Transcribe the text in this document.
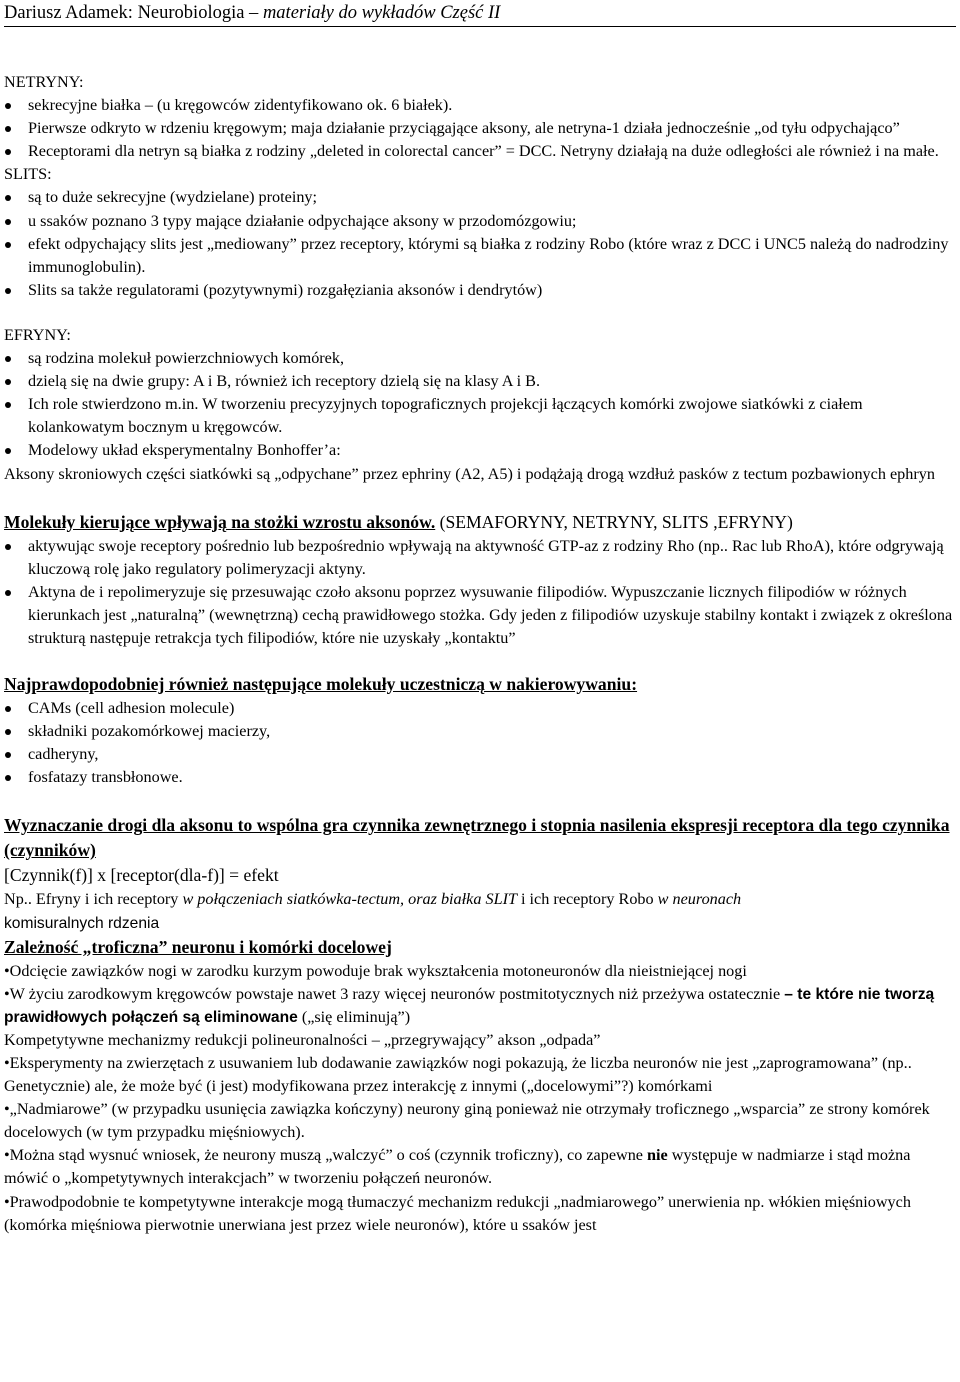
Dariusz Adamek: Neurobiologia – materiały do wykładów Część II

NETRYNY:

sekrecyjne białka – (u kręgowców zidentyfikowano ok. 6 białek).
Pierwsze odkryto w rdzeniu kręgowym; maja działanie przyciągające aksony, ale netryna-1 działa jednocześnie „od tyłu odpychająco”
Receptorami dla netryn są białka z rodziny „deleted in colorectal cancer” = DCC. Netryny działają na duże odległości ale również i na małe.

SLITS:

są to duże sekrecyjne (wydzielane) proteiny;
u ssaków poznano 3 typy mające działanie odpychające aksony w przodomózgowiu;
efekt odpychający slits jest „mediowany” przez receptory, którymi są białka z rodziny Robo (które wraz z DCC i UNC5 należą do nadrodziny immunoglobulin).
Slits sa także regulatorami (pozytywnymi) rozgałęziania aksonów i dendrytów)

EFRYNY:

są rodzina molekuł powierzchniowych komórek,
dzielą się na dwie grupy: A i B, również ich receptory dzielą się na klasy A i B.
Ich role stwierdzono m.in. W tworzeniu precyzyjnych topograficznych projekcji łączących komórki zwojowe siatkówki z ciałem kolankowatym bocznym u kręgowców.
Modelowy układ eksperymentalny Bonhoffer’a:

Aksony skroniowych części siatkówki są „odpychane” przez ephriny (A2, A5) i podążają drogą wzdłuż pasków z tectum pozbawionych ephryn

Molekuły kierujące wpływają na stożki wzrostu aksonów. (SEMAFORYNY, NETRYNY, SLITS ,EFRYNY)

aktywując swoje receptory pośrednio lub bezpośrednio wpływają na aktywność GTP-az z rodziny Rho (np.. Rac lub RhoA), które odgrywają kluczową rolę jako regulatory polimeryzacji aktyny.
Aktyna de i repolimeryzuje się przesuwając czoło aksonu poprzez wysuwanie filipodiów. Wypuszczanie licznych filipodiów w różnych kierunkach jest „naturalną” (wewnętrzną) cechą prawidłowego stożka. Gdy jeden z filipodiów uzyskuje stabilny kontakt i związek z określona strukturą następuje retrakcja tych filipodiów, które nie uzyskały „kontaktu”

Najprawdopodobniej również następujące molekuły uczestniczą w nakierowywaniu:

CAMs (cell adhesion molecule)
składniki pozakomórkowej macierzy,
cadheryny,
fosfatazy transbłonowe.

Wyznaczanie drogi dla aksonu to wspólna gra czynnika zewnętrznego i stopnia nasilenia ekspresji receptora dla tego czynnika (czynników)

[Czynnik(f)] x [receptor(dla-f)] = efekt

Np.. Efryny i ich receptory w połączeniach siatkówka-tectum, oraz białka SLIT i ich receptory Robo w neuronach
komisuralnych rdzenia

Zależność „troficzna” neuronu i komórki docelowej

•Odcięcie zawiązków nogi w zarodku kurzym powoduje brak wykształcenia motoneuronów dla nieistniejącej nogi

•W życiu zarodkowym kręgowców powstaje nawet 3 razy więcej neuronów postmitotycznych niż przeżywa ostatecznie – te które nie tworzą prawidłowych połączeń są eliminowane („się eliminują”)

Kompetytywne mechanizmy redukcji polineuronalności – „przegrywający” akson „odpada”

•Eksperymenty na zwierzętach z usuwaniem lub dodawanie zawiązków nogi pokazują, że liczba neuronów nie jest „zaprogramowana” (np.. Genetycznie) ale, że może być (i jest) modyfikowana przez interakcję z innymi („docelowymi”?) komórkami

•„Nadmiarowe” (w przypadku usunięcia zawiązka kończyny) neurony giną ponieważ nie otrzymały troficznego „wsparcia” ze strony komórek docelowych (w tym przypadku mięśniowych).

•Można stąd wysnuć wniosek, że neurony muszą „walczyć” o coś (czynnik troficzny), co zapewne nie występuje w nadmiarze i stąd można mówić o „kompetytywnych interakcjach” w tworzeniu połączeń neuronów.

•Prawodpodobnie te kompetytywne interakcje mogą tłumaczyć mechanizm redukcji „nadmiarowego” unerwienia np. włókien mięśniowych (komórka mięśniowa pierwotnie unerwiana jest przez wiele neuronów), które u ssaków jest
